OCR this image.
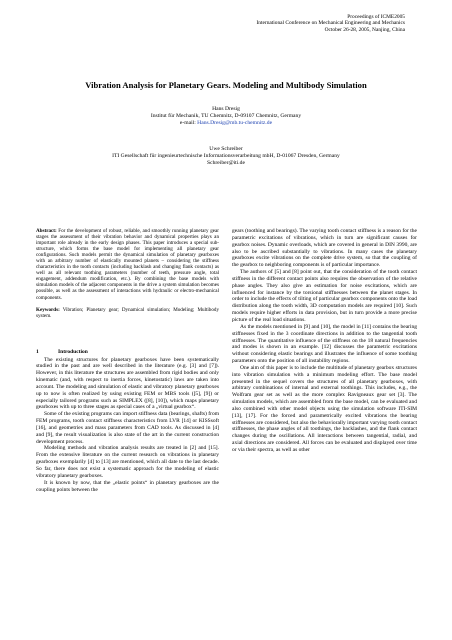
Proceedings of ICME2005
International Conference on Mechanical Engineering and Mechanics
October 26-28, 2005, Nanjing, China
Vibration Analysis for Planetary Gears. Modeling and Multibody Simulation
Hans Dresig
Institut für Mechanik, TU Chemnitz, D-09107 Chemnitz, Germany
e-mail: Hans.Dresig@mb.tu-chemnitz.de
Uwe Schreiber
ITI Gesellschaft für ingenieurtechnische Informationsverarbeitung mbH, D-01067 Dresden, Germany
Schreiber@iti.de

Abstract: For the development of robust, reliable, and smoothly running planetary gear stages the assessment of their vibration behavior and dynamical properties plays an important role already in the early design phases. This paper introduces a special sub-structure, which forms the base model for implementing all planetary gear configurations. Such models permit the dynamical simulation of planetary gearboxes with an arbitrary number of elastically mounted planets – considering the stiffness characteristics in the tooth contacts (including backlash and changing flank contacts) as well as all relevant toothing parameters (number of teeth, pressure angle, total engagement, addendum modification, etc.). By combining the base models with simulation models of the adjacent components in the drive a system simulation becomes possible, as well as the assessment of interactions with hydraulic or electro-mechanical components.

Keywords: Vibration; Planetary gear; Dynamical simulation; Modeling; Multibody system.

1	Introduction

The existing structures for planetary gearboxes have been systematically studied in the past and are well described in the literature (e.g. [3] and [7]). However, in this literature the structures are assembled from rigid bodies and only kinematic (and, with respect to inertia forces, kinetostatic) laws are taken into account. The modeling and simulation of elastic and vibratory planetary gearboxes up to now is often realized by using existing FEM or MBS tools ([5], [9]) or especially tailored programs such as SIMPLEX ([8], [10]), which maps planetary gearboxes with up to three stages as special cases of a „virtual gearbox“.

Some of the existing programs can import stiffness data (bearings, shafts) from FEM programs, tooth contact stiffness characteristics from LVR [14] or KISSsoft [16], and geometries and mass parameters from CAD tools. As discussed in [4] and [9], the result visualization is also state of the art in the current construction development process.

Modeling methods and vibration analysis results are treated in [2] and [15]. From the extensive literature on the current research on vibrations in planetary gearboxes exemplarily [4] to [13] are mentioned, which all date to the last decade. So far, there does not exist a systematic approach for the modeling of elastic vibratory planetary gearboxes.

It is known by now, that the „elastic points“ in planetary gearboxes are the coupling points between the

gears (toothing and bearings). The varying tooth contact stiffness is a reason for the parametric excitations of vibrations, which in turn are significant causes for gearbox noises. Dynamic overloads, which are covered in general in DIN 3990, are also to be ascribed substantially to vibrations. In many cases the planetary gearboxes excite vibrations on the complete drive system, so that the coupling of the gearbox to neighboring components is of particular importance.

The authors of [5] and [8] point out, that the consideration of the tooth contact stiffness in the different contact points also requires the observation of the relative phase angles. They also give an estimation for noise excitations, which are influenced for instance by the torsional stiffnesses between the planet stages. In order to include the effects of tilting of particular gearbox components onto the load distribution along the tooth width, 3D computation models are required [10]. Such models require higher efforts in data provision, but in turn provide a more precise picture of the real load situations.

As the models mentioned in [9] and [10], the model in [11] contains the bearing stiffnesses fixed in the 3 coordinate directions in addition to the tangential tooth stiffnesses. The quantitative influence of the stiffness on the 18 natural frequencies and modes is shown in an example. [12] discusses the parametric excitations without considering elastic bearings and illustrates the influence of some toothing parameters onto the position of all instability regions.

One aim of this paper is to include the multitude of planetary gearbox structures into vibration simulation with a minimum modeling effort. The base model presented in the sequel covers the structures of all planetary gearboxes, with arbitrary combinations of internal and external toothings. This includes, e.g., the Wolfram gear set as well as the more complex Ravigneaux gear set [3]. The simulation models, which are assembled from the base model, can be evaluated and also combined with other model objects using the simulation software ITI-SIM [13], [17]. For the forced and parametrically excited vibrations the bearing stiffnesses are considered, but also the behaviorally important varying tooth contact stiffnesses, the phase angles of all toothings, the backlashes, and the flank contact changes during the oscillations. All interactions between tangential, radial, and axial directions are considered. All forces can be evaluated and displayed over time or via their spectra, as well as other
